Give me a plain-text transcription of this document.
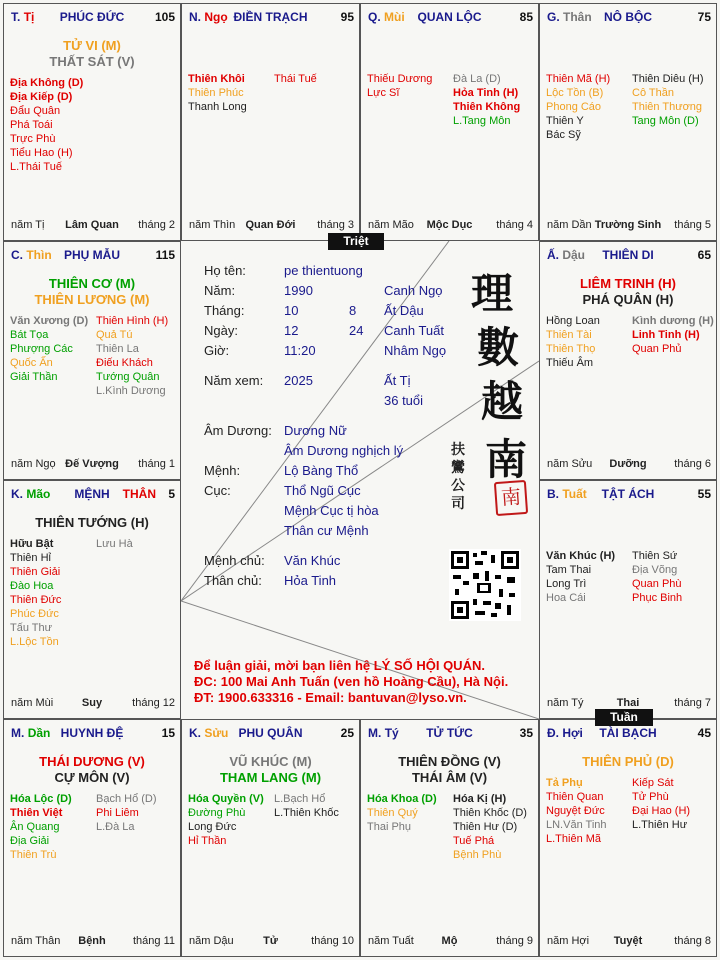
T. Tị	PHÚC ĐỨC	105
TỬ VI (M)
THẤT SÁT (V)
Địa Không (D)
Địa Kiếp (D)
Đẩu Quân
Phá Toái
Trực Phù
Tiểu Hao (H)
L.Thái Tuế
năm Tị	Lâm Quan	tháng 2
N. Ngọ ĐIỀN TRẠCH	95
Thiên Khôi
Thiên Phúc
Thanh Long
Thái Tuế
năm Thìn Quan Đới	tháng 3
Q. Mùi	QUAN LỘC	85
Thiếu Dương
Lực Sĩ
Đà La (D)
Hỏa Tinh (H)
Thiên Không
L.Tang Môn
năm Mão	Mộc Dục	tháng 4
G. Thân	NÔ BỘC	75
Thiên Mã (H)
Lộc Tồn (B)
Phong Cáo
Thiên Y
Bác Sỹ
Thiên Diêu (H)
Cô Thần
Thiên Thương
Tang Môn (D)
năm Dần Trường Sinh	tháng 5
C. Thìn	PHỤ MẪU	115
THIÊN CƠ (M)
THIÊN LƯƠNG (M)
Văn Xương (D)
Bát Tọa
Phượng Các
Quốc Ấn
Giải Thần
Thiên Hình (H)
Quả Tú
Thiên La
Điếu Khách
Tướng Quân
L.Kình Dương
năm Ngọ Đế Vượng	tháng 1
Ấ. Dậu	THIÊN DI	65
LIÊM TRINH (H)
PHÁ QUÂN (H)
Hồng Loan
Thiên Tài
Thiên Thọ
Thiếu Âm
Kình dương (H)
Linh Tinh (H)
Quan Phủ
năm Sửu	Dưỡng	tháng 6
K. Mão	MỆNH	THÂN 5
THIÊN TƯỚNG (H)
Hữu Bật
Thiên Hỉ
Thiên Giải
Đào Hoa
Thiên Đức
Phúc Đức
Tấu Thư
L.Lộc Tồn
Lưu Hà
năm Mùi	Suy	tháng 12
B. Tuất	TẬT ÁCH	55
Văn Khúc (H)
Tam Thai
Long Trì
Hoa Cái
Thiên Sứ
Địa Võng
Quan Phù
Phục Binh
năm Tý	Thai	tháng 7
M. Dần HUYNH ĐỆ	15
THÁI DƯƠNG (V)
CỰ MÔN (V)
Hóa Lộc (D)
Thiên Việt
Ân Quang
Địa Giải
Thiên Trù
Bạch Hổ (D)
Phi Liêm
L.Đà La
năm Thân	Bệnh	tháng 11
K. Sửu PHU QUÂN	25
VŨ KHÚC (M)
THAM LANG (M)
Hóa Quyền (V)
Đường Phù
Long Đức
Hỉ Thần
L.Bạch Hổ
L.Thiên Khốc
năm Dậu	Tử	tháng 10
M. Tý	TỬ TỨC	35
THIÊN ĐỒNG (V)
THÁI ÂM (V)
Hóa Khoa (D)
Thiên Quý
Thai Phụ
Hóa Kị (H)
Thiên Khốc (D)
Thiên Hư (D)
Tuế Phá
Bệnh Phù
năm Tuất	Mộ	tháng 9
Đ. Hợi	TÀI BẠCH	45
THIÊN PHỦ (D)
Tả Phụ
Thiên Quan
Nguyệt Đức
LN.Văn Tinh
L.Thiên Mã
Kiếp Sát
Tử Phù
Đại Hao (H)
L.Thiên Hư
năm Hợi	Tuyệt	tháng 8
Họ tên:	pe thientuong
Năm:	1990	Canh Ngọ
Tháng:	10	8 Ất Dậu
Ngày:	12	24 Canh Tuất
Giờ:	11:20	Nhâm Ngọ
Năm xem: 2025	Ất Tị
36 tuổi
Âm Dương: Dương Nữ
Âm Dương nghịch lý
Mệnh:	Lộ Bàng Thổ
Cục:	Thổ Ngũ Cục
Mệnh Cục tị hòa
Thân cư Mệnh
Mệnh chủ: Văn Khúc
Thân chủ: Hỏa Tinh
理
數
越
南
扶
鸞
公
司	南
Để luận giải, mời bạn liên hệ LÝ SỐ HỘI QUÁN.
ĐC: 100 Mai Anh Tuấn (ven hồ Hoàng Cầu), Hà Nội.
ĐT: 1900.633316 - Email: bantuvan@lyso.vn.
Triệt
Tuần
